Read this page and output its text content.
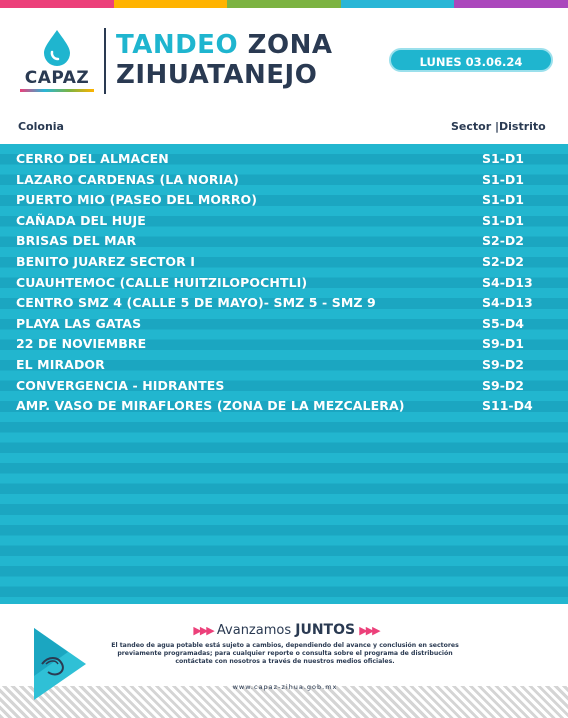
CAPAZ
TANDEO ZONA
ZIHUATANEJO	LUNES 03.06.24
Colonia	Sector |Distrito
CERRO DEL ALMACEN	S1-D1
LAZARO CARDENAS (LA NORIA)	S1-D1
PUERTO MIO (PASEO DEL MORRO)	S1-D1
CAÑADA DEL HUJE	S1-D1
BRISAS DEL MAR	S2-D2
BENITO JUAREZ SECTOR I	S2-D2
CUAUHTEMOC (CALLE HUITZILOPOCHTLI)	S4-D13
CENTRO SMZ 4 (CALLE 5 DE MAYO)- SMZ 5 - SMZ 9	S4-D13
PLAYA LAS GATAS	S5-D4
22 DE NOVIEMBRE	S9-D1
EL MIRADOR	S9-D2
CONVERGENCIA - HIDRANTES	S9-D2
AMP. VASO DE MIRAFLORES (ZONA DE LA MEZCALERA)	S11-D4
▶▶▶ Avanzamos JUNTOS ▶▶▶
El tandeo de agua potable está sujeto a cambios, dependiendo del avance y conclusión en sectores previamente programadas; para cualquier reporte o consulta sobre el programa de distribución contáctate con nosotros a través de nuestros medios oficiales.
www.capaz-zihua.gob.mx
